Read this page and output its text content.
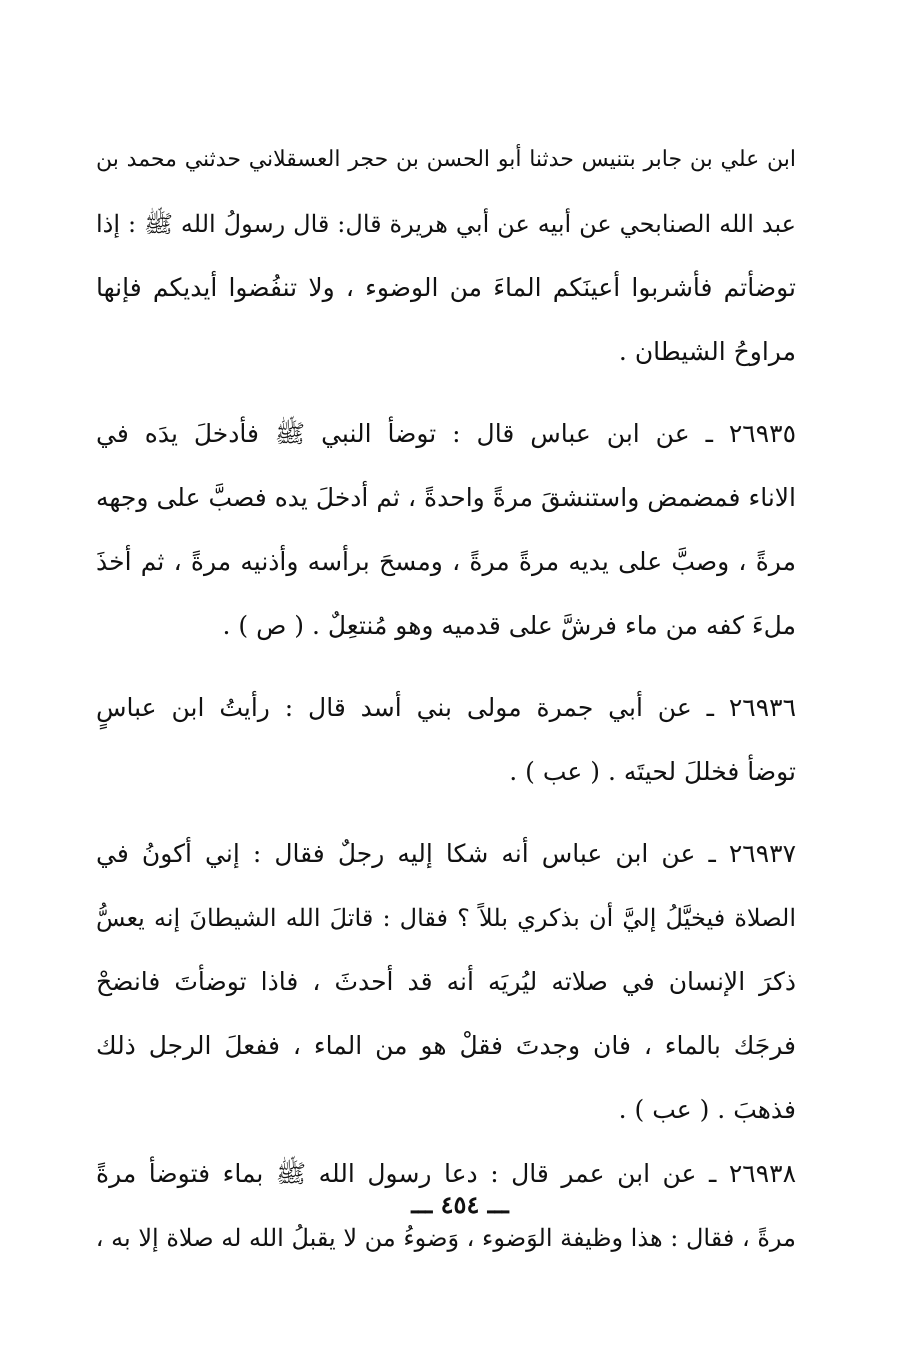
ابن علي بن جابر بتنيس حدثنا أبو الحسن بن حجر العسقلاني حدثني محمد بن
عبد الله الصنابحي عن أبيه عن أبي هريرة قال: قال رسولُ الله ﷺ : إذا
توضأتم فأشربوا أعينَكم الماءَ من الوضوء ، ولا تنفُضوا أيديكم فإنها
مراوحُ الشيطان .
٢٦٩٣٥ ـ عن ابن عباس قال : توضأ النبي ﷺ فأدخلَ يدَه في
الاناء فمضمض واستنشقَ مرةً واحدةً ، ثم أدخلَ يده فصبَّ على وجهه
مرةً ، وصبَّ على يديه مرةً مرةً ، ومسحَ برأسه وأذنيه مرةً ، ثم أخذَ
ملءَ كفه من ماء فرشَّ على قدميه وهو مُنتعِلٌ . ( ص ) .
٢٦٩٣٦ ـ عن أبي جمرة مولى بني أسد قال : رأيتُ ابن عباسٍ
توضأ فخللَ لحيتَه . ( عب ) .
٢٦٩٣٧ ـ عن ابن عباس أنه شكا إليه رجلٌ فقال : إني أكونُ في
الصلاة فيخيَّلُ إليَّ أن بذكري بللاً ؟ فقال : قاتلَ الله الشيطانَ إنه يعسُّ
ذكرَ الإنسان في صلاته ليُريَه أنه قد أحدثَ ، فاذا توضأتَ فانضحْ
فرجَك بالماء ، فان وجدتَ فقلْ هو من الماء ، ففعلَ الرجل ذلك
فذهبَ . ( عب ) .
٢٦٩٣٨ ـ عن ابن عمر قال : دعا رسول الله ﷺ بماء فتوضأ مرةً
مرةً ، فقال : هذا وظيفة الوَضوء ، وَضوءُ من لا يقبلُ الله له صلاة إلا به ،
ـــ ٤٥٤ ـــ
